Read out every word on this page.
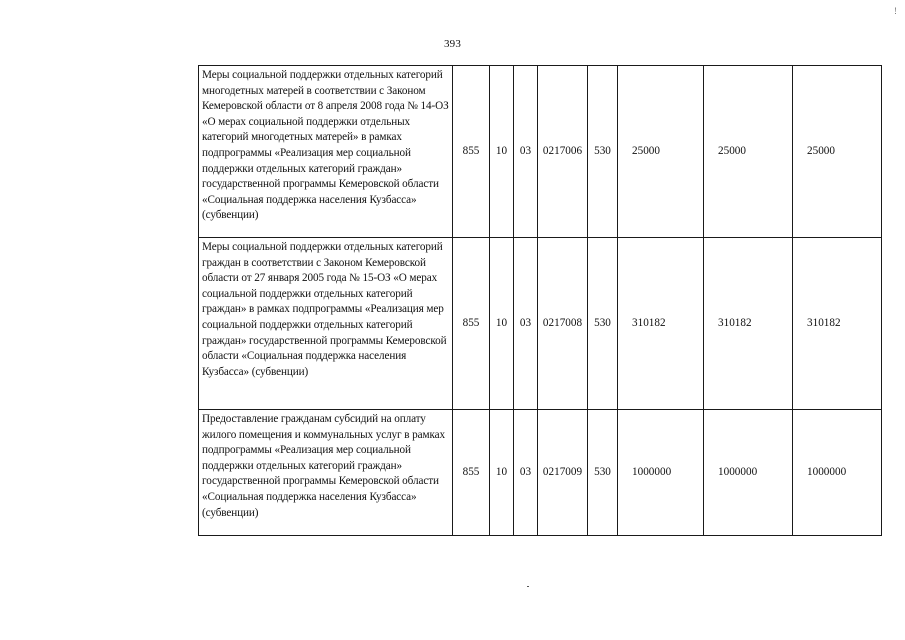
393
!
Меры социальной поддержки отдельных категорий многодетных матерей в соответствии с Законом Кемеровской области от 8 апреля 2008 года № 14-ОЗ «О мерах социальной поддержки отдельных категорий многодетных матерей» в рамках подпрограммы «Реализация мер социальной поддержки отдельных категорий граждан» государственной программы Кемеровской области «Социальная поддержка населения Кузбасса» (субвенции)	855	10	03	0217006	530	25000	25000	25000
Меры социальной поддержки отдельных категорий граждан в соответствии с Законом Кемеровской области от 27 января 2005 года № 15-ОЗ «О мерах социальной поддержки отдельных категорий граждан» в рамках подпрограммы «Реализация мер социальной поддержки отдельных категорий граждан» государственной программы Кемеровской области «Социальная поддержка населения Кузбасса» (субвенции)	855	10	03	0217008	530	310182	310182	310182
Предоставление гражданам субсидий на оплату жилого помещения и коммунальных услуг в рамках подпрограммы «Реализация мер социальной поддержки отдельных категорий граждан» государственной программы Кемеровской области «Социальная поддержка населения Кузбасса» (субвенции)	855	10	03	0217009	530	1000000	1000000	1000000
